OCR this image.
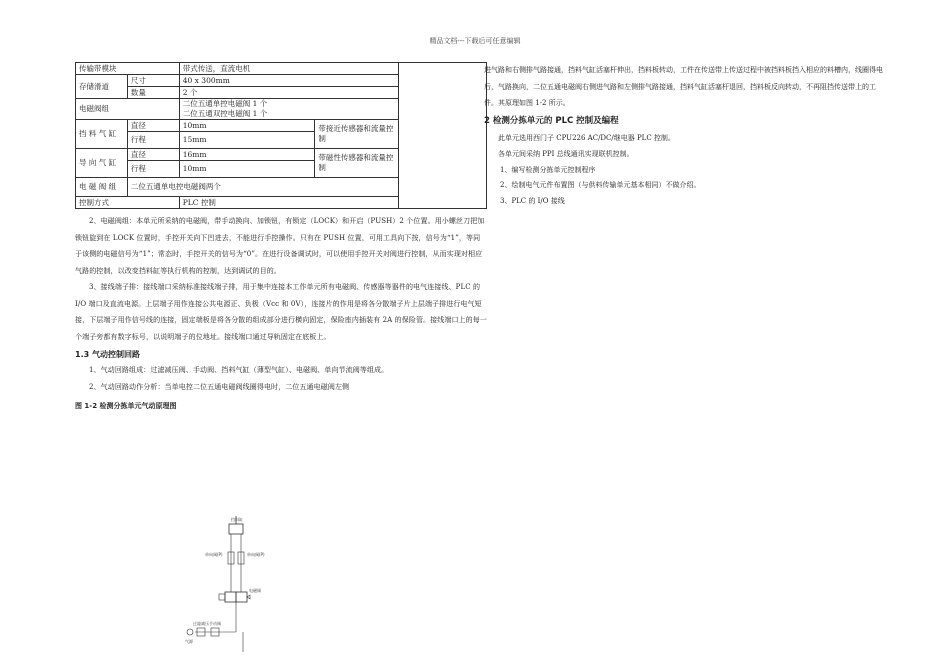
精品文档---下载后可任意编辑
传输带模块		带式传送，直流电机		
存储滑道	尺寸	40 x 300mm		
	数量	2 个		
电磁阀组		二位五通单控电磁阀 1 个
二位五通双控电磁阀 1 个		

挡 料 气 缸	直径	10mm	带接近传感器和流量控制	
	行程	15mm		
导 向 气 缸	直径	16mm	带磁性传感器和流量控制	
	行程	10mm		
电 磁 阀 组	二位五通单电控电磁阀两个			
控制方式		PLC 控制		

2、电磁阀组：本单元所采纳的电磁阀，带手动换向、加锁钮，有锁定（LOCK）和开启（PUSH）2 个位置。用小螺丝刀把加锁钮旋到在 LOCK 位置时，手控开关向下凹进去，不能进行手控操作。只有在 PUSH 位置，可用工具向下按，信号为“1”，等同于该侧的电磁信号为“1”；常态时，手控开关的信号为“0”。在进行设备调试时，可以使用手控开关对阀进行控制，从而实现对相应气路的控制，以改变挡料缸等执行机构的控制，达到调试的目的。

3、接线端子排：接线端口采纳标准接线端子排，用于集中连接本工作单元所有电磁阀、传感器等器件的电气连接线、PLC 的 I/O 端口及直流电源。上层端子用作连接公共电源正、负极（Vcc 和 0V），连接片的作用是将各分散端子片上层端子排进行电气短接，下层端子用作信号线的连接，固定端板是将各分散的组成部分进行横向固定，保险座内插装有 2A 的保险管。接线端口上的每一个端子旁都有数字标号，以说明端子的位地址。接线端口通过导轨固定在底板上。

1.3 气动控制回路

1、气动回路组成：过滤减压阀、手动阀、挡料气缸（薄型气缸）、电磁阀、单向节流阀等组成。

2、气动回路动作分析：当单电控二位五通电磁阀线圈得电时，二位五通电磁阀左侧

图 1-2 检测分拣单元气动原理图

进气路和右侧排气路接通，挡料气缸活塞杆伸出，挡料板转动，工件在传送带上传送过程中被挡料板挡入相应的料槽内，线圈得电后，气路换向，二位五通电磁阀右侧进气路和左侧排气路接通，挡料气缸活塞杆退回，挡料板反向转动，不再阻挡传送带上的工件。其原理如图 1-2 所示。

2 检测分拣单元的 PLC 控制及编程

此单元选用西门子 CPU226 AC/DC/继电器 PLC 控制。

各单元间采纳 PPI 总线通讯实现联机控制。

1、编写检测分拣单元控制程序

2、绘制电气元件布置图（与供料传输单元基本相同）不做介绍。

3、PLC 的 I/O 接线

挡料缸
单向阀(P)	单向阀(P)
电磁阀
手动阀
过滤减压
气源
